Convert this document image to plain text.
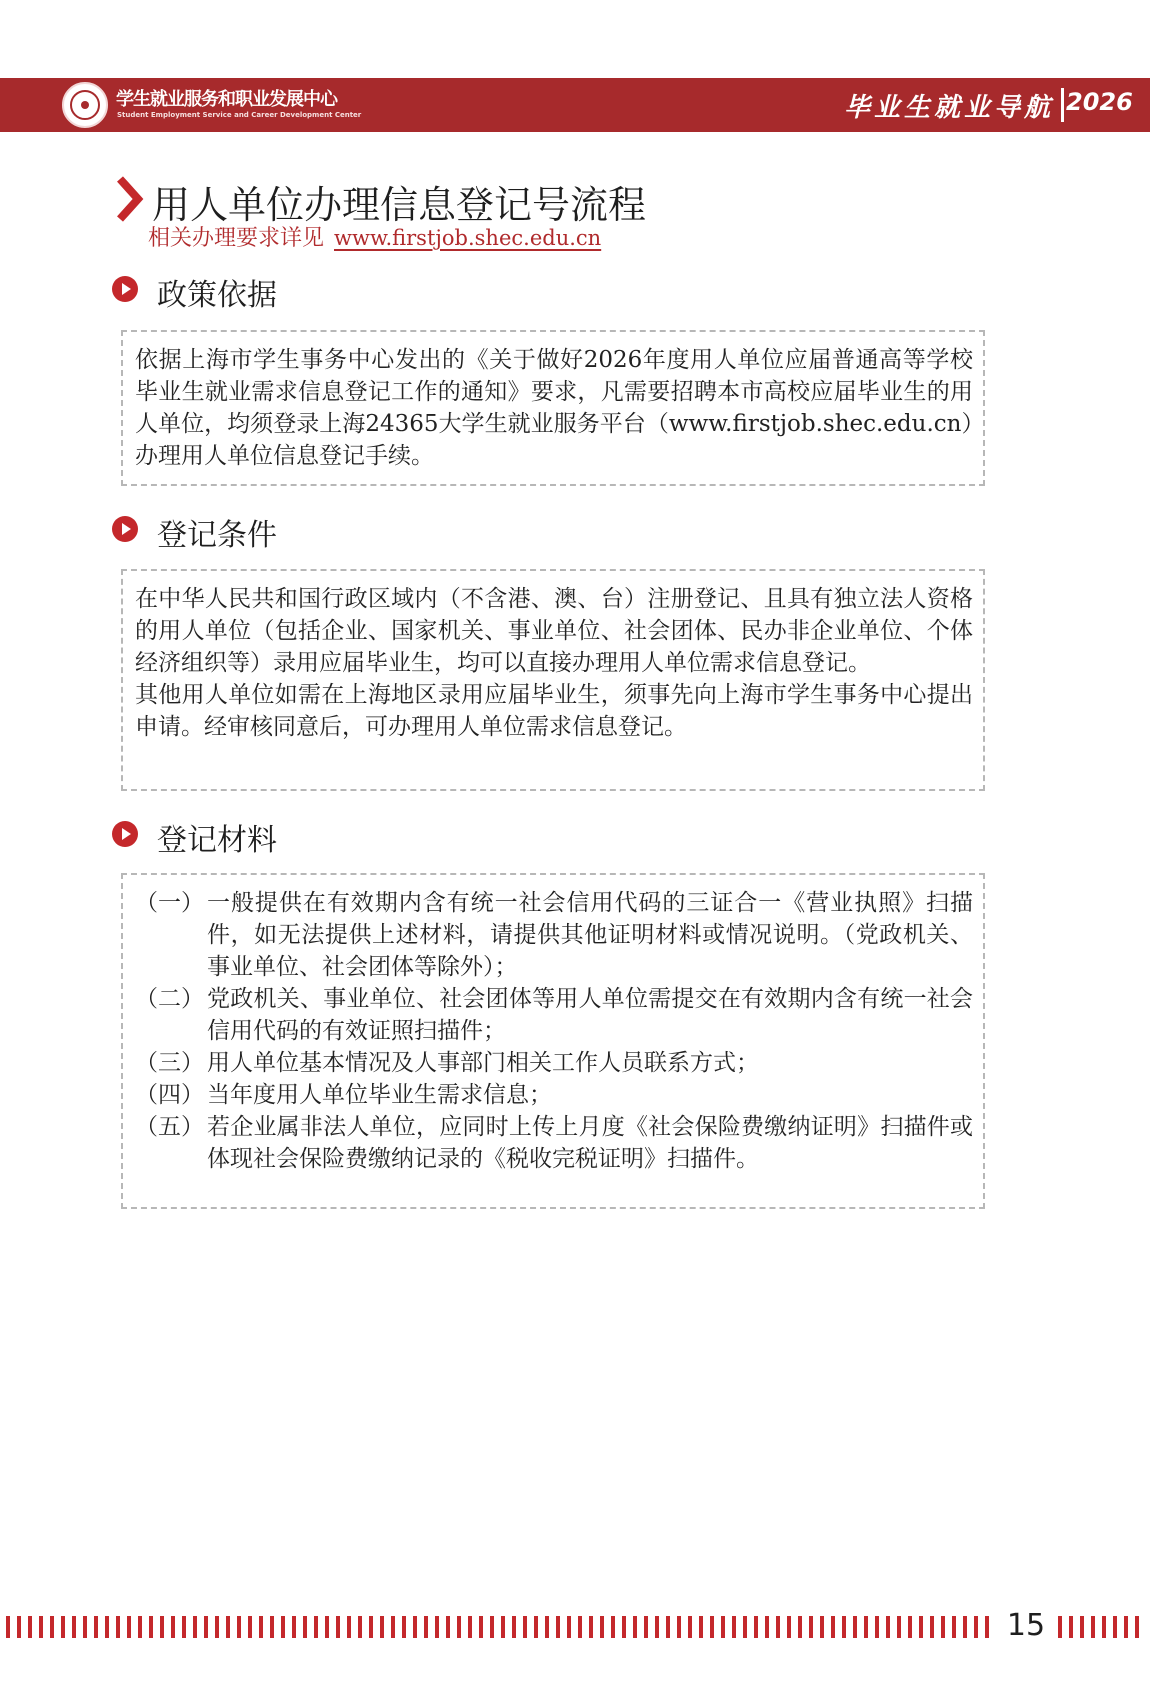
学生就业服务和职业发展中心
Student Employment Service and Career Development Center	毕业生就业导航 2026
用人单位办理信息登记号流程
相关办理要求详见 www.firstjob.shec.edu.cn
政策依据

依据上海市学生事务中心发出的《关于做好2026年度用人单位应届普通高等学校毕业生就业需求信息登记工作的通知》要求，凡需要招聘本市高校应届毕业生的用人单位，均须登录上海24365大学生就业服务平台（www.firstjob.shec.edu.cn）办理用人单位信息登记手续。

登记条件

在中华人民共和国行政区域内（不含港、澳、台）注册登记、且具有独立法人资格的用人单位（包括企业、国家机关、事业单位、社会团体、民办非企业单位、个体经济组织等）录用应届毕业生，均可以直接办理用人单位需求信息登记。

其他用人单位如需在上海地区录用应届毕业生，须事先向上海市学生事务中心提出申请。经审核同意后，可办理用人单位需求信息登记。

登记材料
（一） 一般提供在有效期内含有统一社会信用代码的三证合一《营业执照》扫描件，如无法提供上述材料，请提供其他证明材料或情况说明。（党政机关、事业单位、社会团体等除外）；
（二） 党政机关、事业单位、社会团体等用人单位需提交在有效期内含有统一社会信用代码的有效证照扫描件；
（三） 用人单位基本情况及人事部门相关工作人员联系方式；
（四） 当年度用人单位毕业生需求信息；
（五） 若企业属非法人单位，应同时上传上月度《社会保险费缴纳证明》扫描件或体现社会保险费缴纳记录的《税收完税证明》扫描件。
15
